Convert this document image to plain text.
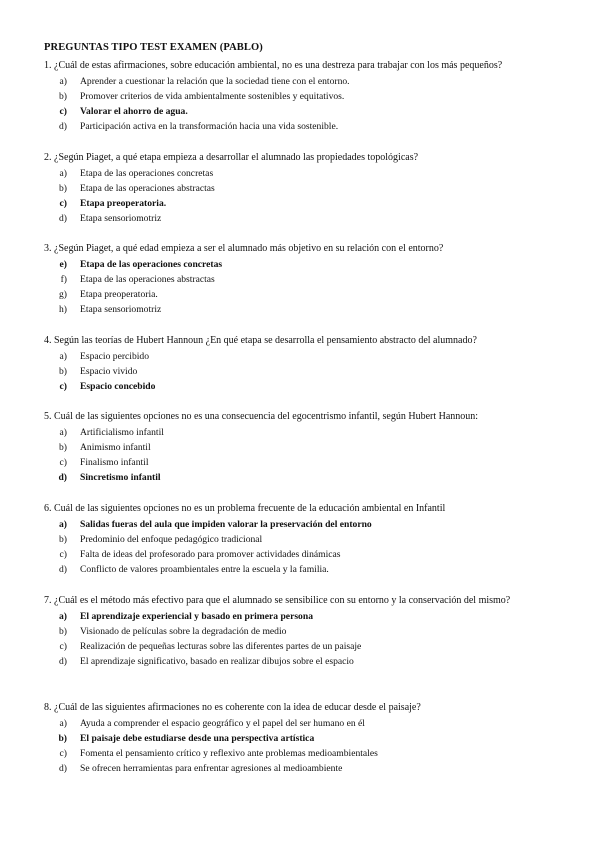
PREGUNTAS TIPO TEST EXAMEN (PABLO)

1. ¿Cuál de estas afirmaciones, sobre educación ambiental, no es una destreza para trabajar con los más pequeños?

a)	Aprender a cuestionar la relación que la sociedad tiene con el entorno.
b)	Promover criterios de vida ambientalmente sostenibles y equitativos.
c)	Valorar el ahorro de agua.
d)	Participación activa en la transformación hacia una vida sostenible.

2. ¿Según Piaget, a qué etapa empieza a desarrollar el alumnado las propiedades topológicas?

a)	Etapa de las operaciones concretas
b)	Etapa de las operaciones abstractas
c)	Etapa preoperatoria.
d)	Etapa sensoriomotriz

3. ¿Según Piaget, a qué edad empieza a ser el alumnado más objetivo en su relación con el entorno?

e)	Etapa de las operaciones concretas
f)	Etapa de las operaciones abstractas
g)	Etapa preoperatoria.
h)	Etapa sensoriomotriz

4. Según las teorías de Hubert Hannoun ¿En qué etapa se desarrolla el pensamiento abstracto del alumnado?

a)	Espacio percibido
b)	Espacio vivido
c)	Espacio concebido

5. Cuál de las siguientes opciones no es una consecuencia del egocentrismo infantil, según Hubert Hannoun:

a)	Artificialismo infantil
b)	Animismo infantil
c)	Finalismo infantil
d)	Sincretismo infantil

6. Cuál de las siguientes opciones no es un problema frecuente de la educación ambiental en Infantil

a)	Salidas fueras del aula que impiden valorar la preservación del entorno
b)	Predominio del enfoque pedagógico tradicional
c)	Falta de ideas del profesorado para promover actividades dinámicas
d)	Conflicto de valores proambientales entre la escuela y la familia.

7. ¿Cuál es el método más efectivo para que el alumnado se sensibilice con su entorno y la conservación del mismo?

a)	El aprendizaje experiencial y basado en primera persona
b)	Visionado de películas sobre la degradación de medio
c)	Realización de pequeñas lecturas sobre las diferentes partes de un paisaje
d)	El aprendizaje significativo, basado en realizar dibujos sobre el espacio

8. ¿Cuál de las siguientes afirmaciones no es coherente con la idea de educar desde el paisaje?

a)	Ayuda a comprender el espacio geográfico y el papel del ser humano en él
b)	El paisaje debe estudiarse desde una perspectiva artística
c)	Fomenta el pensamiento crítico y reflexivo ante problemas medioambientales
d)	Se ofrecen herramientas para enfrentar agresiones al medioambiente
